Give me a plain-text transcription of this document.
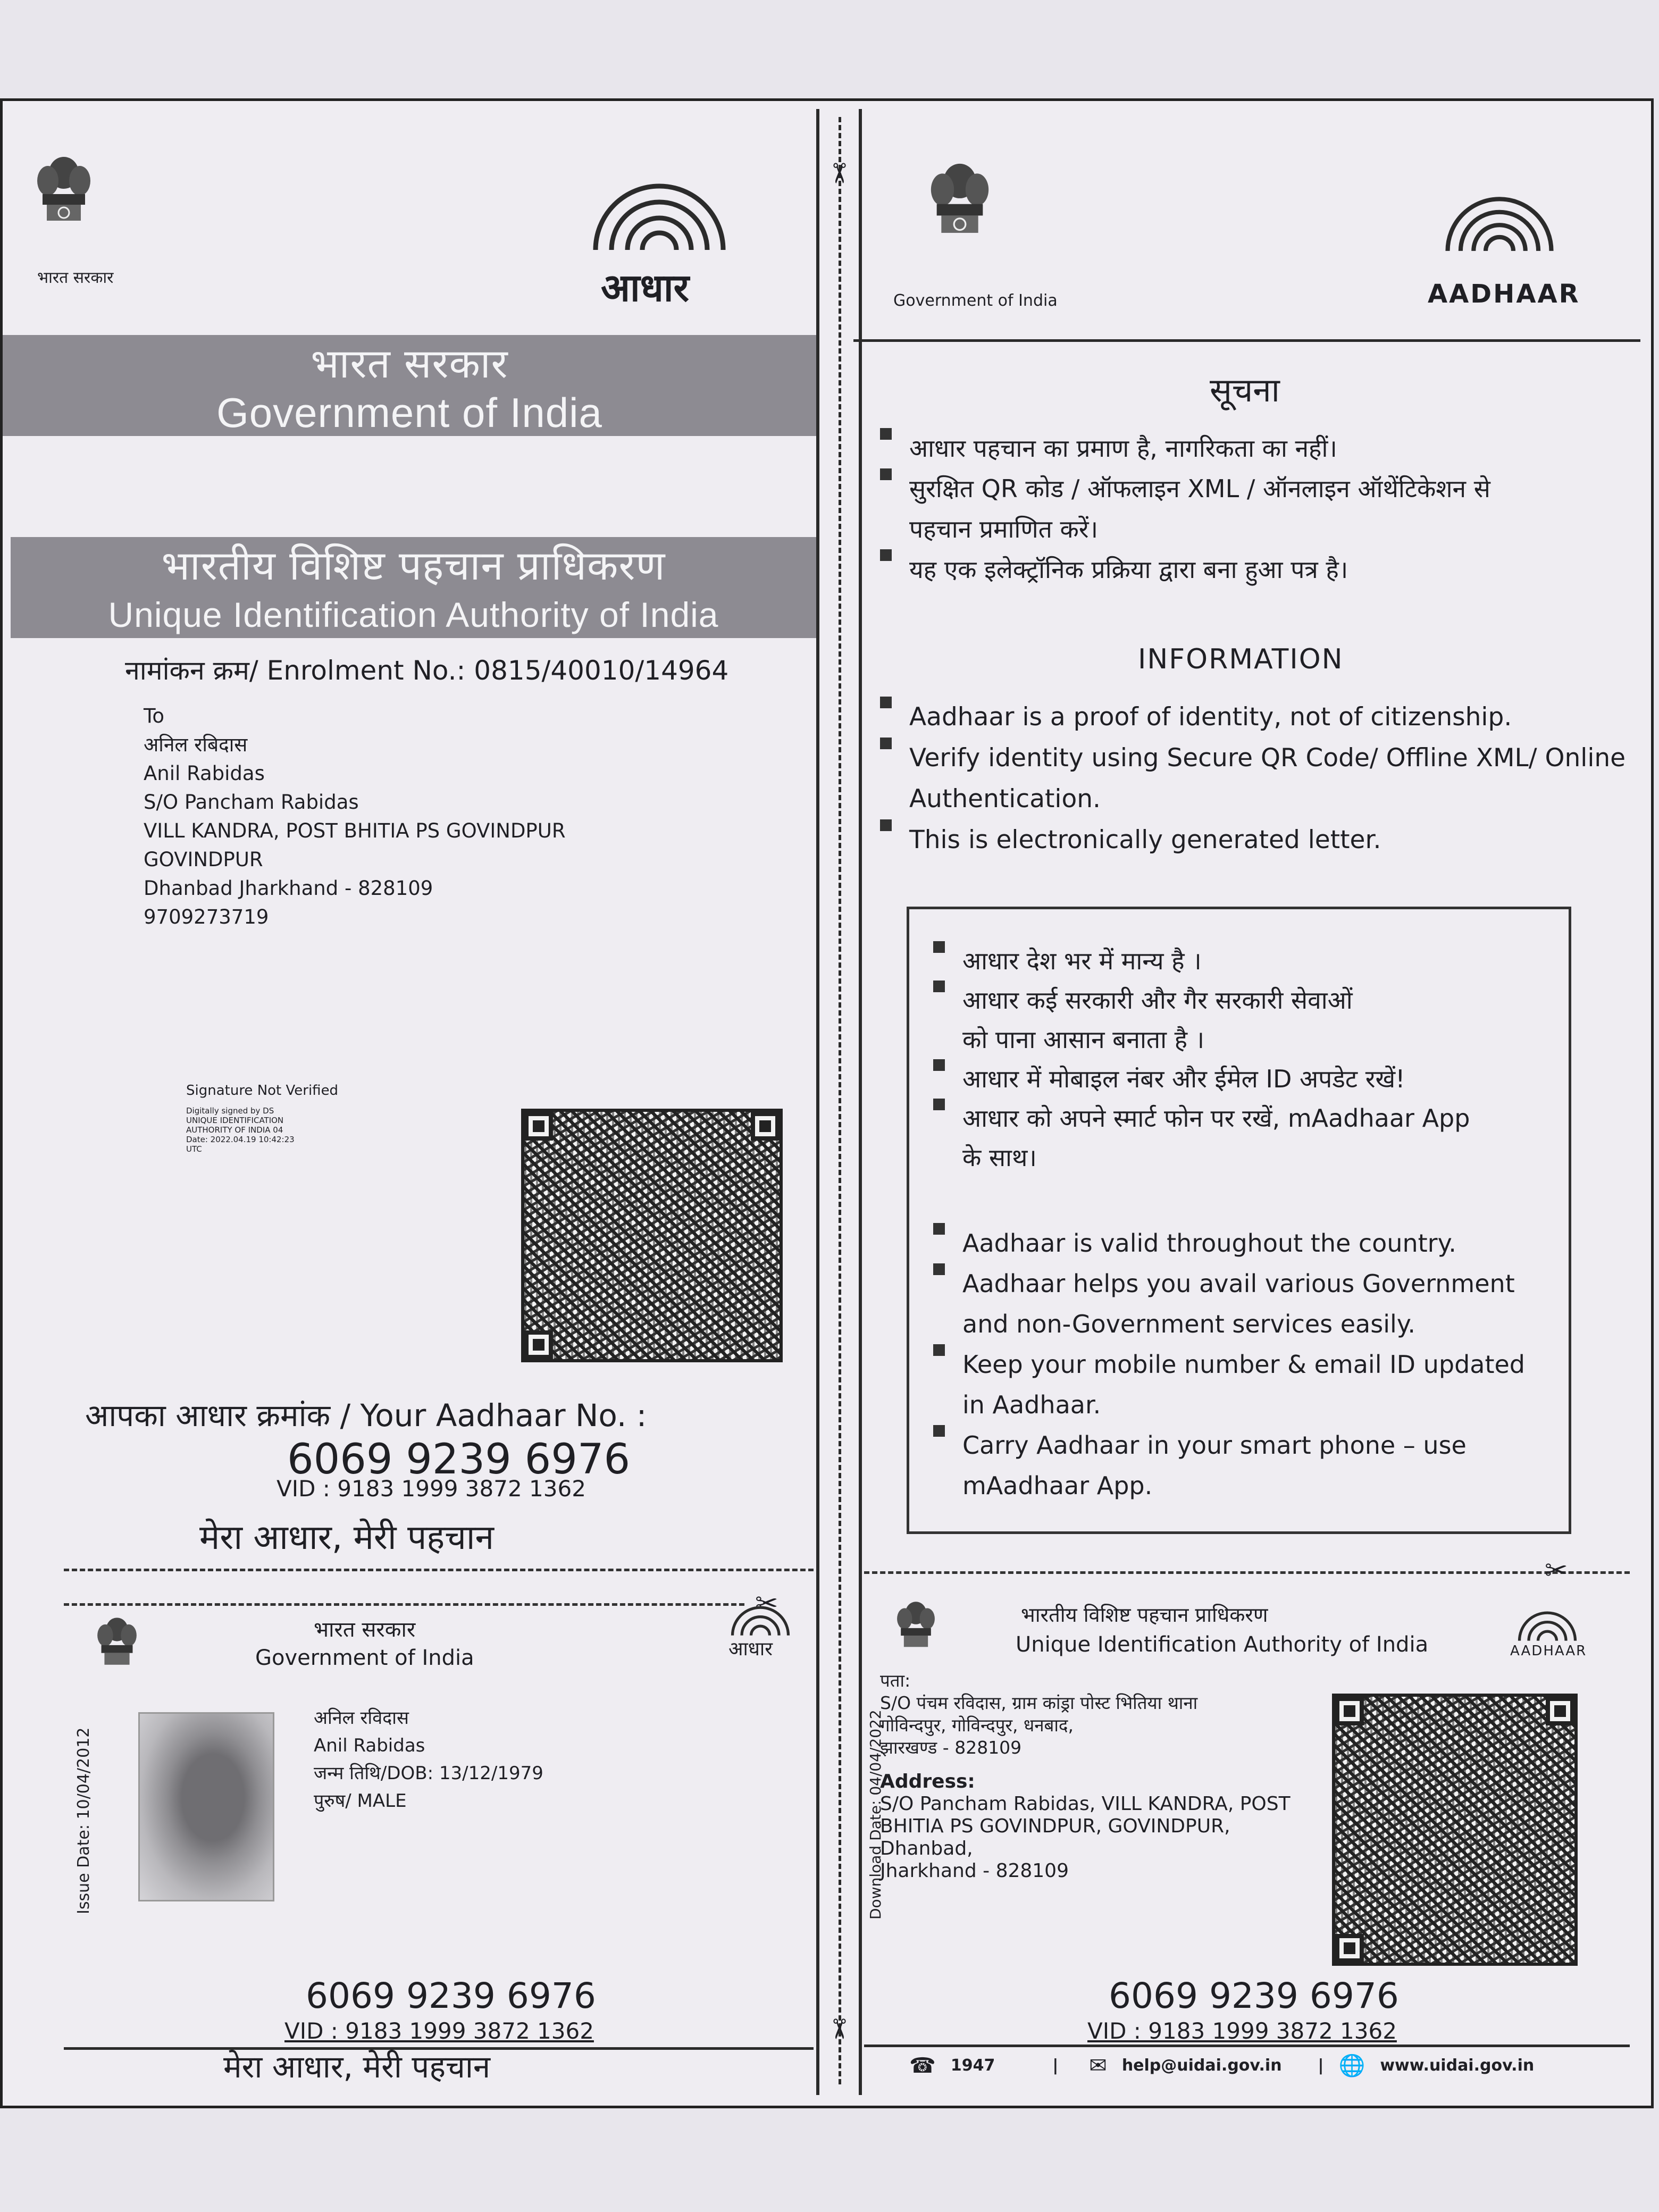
✂
✂
भारत सरकार	आधार
भारत सरकार
Government of India
भारतीय विशिष्ट पहचान प्राधिकरण
Unique Identification Authority of India
नामांकन क्रम/ Enrolment No.: 0815/40010/14964
To
अनिल रबिदास
Anil Rabidas
S/O Pancham Rabidas
VILL KANDRA, POST BHITIA PS GOVINDPUR
GOVINDPUR
Dhanbad Jharkhand - 828109
9709273719
Signature Not Verified
Digitally signed by DS
UNIQUE IDENTIFICATION
AUTHORITY OF INDIA 04
Date: 2022.04.19 10:42:23
UTC
आपका आधार क्रमांक / Your Aadhaar No. :
6069 9239 6976
VID : 9183 1999 3872 1362
मेरा आधार, मेरी पहचान
✂
भारत सरकार
Government of India	आधार
Issue Date: 10/04/2012
अनिल रविदास
Anil Rabidas
जन्म तिथि/DOB: 13/12/1979
पुरुष/ MALE
6069 9239 6976
VID : 9183 1999 3872 1362
मेरा आधार, मेरी पहचान
Government of India	AADHAAR
सूचना
आधार पहचान का प्रमाण है, नागरिकता का नहीं।
सुरक्षित QR कोड / ऑफलाइन XML / ऑनलाइन ऑथेंटिकेशन से
पहचान प्रमाणित करें।
यह एक इलेक्ट्रॉनिक प्रक्रिया द्वारा बना हुआ पत्र है।
INFORMATION
Aadhaar is a proof of identity, not of citizenship.
Verify identity using Secure QR Code/ Offline XML/ Online
Authentication.
This is electronically generated letter.
आधार देश भर में मान्य है ।
आधार कई सरकारी और गैर सरकारी सेवाओं
को पाना आसान बनाता है ।
आधार में मोबाइल नंबर और ईमेल ID अपडेट रखें!
आधार को अपने स्मार्ट फोन पर रखें, mAadhaar App
के साथ।
Aadhaar is valid throughout the country.
Aadhaar helps you avail various Government
and non-Government services easily.
Keep your mobile number & email ID updated
in Aadhaar.
Carry Aadhaar in your smart phone – use
mAadhaar App.
✂
भारतीय विशिष्ट पहचान प्राधिकरण
Unique Identification Authority of India	AADHAAR
पता:
S/O पंचम रविदास, ग्राम कांड्रा पोस्ट भितिया थाना
गोविन्दपुर, गोविन्दपुर, धनबाद,
झारखण्ड - 828109
Address:
S/O Pancham Rabidas, VILL KANDRA, POST
BHITIA PS GOVINDPUR, GOVINDPUR,
Dhanbad,
Jharkhand - 828109
Download Date: 04/04/2022
6069 9239 6976
VID : 9183 1999 3872 1362
☎ 1947	| ✉ help@uidai.gov.in | 🌐 www.uidai.gov.in
